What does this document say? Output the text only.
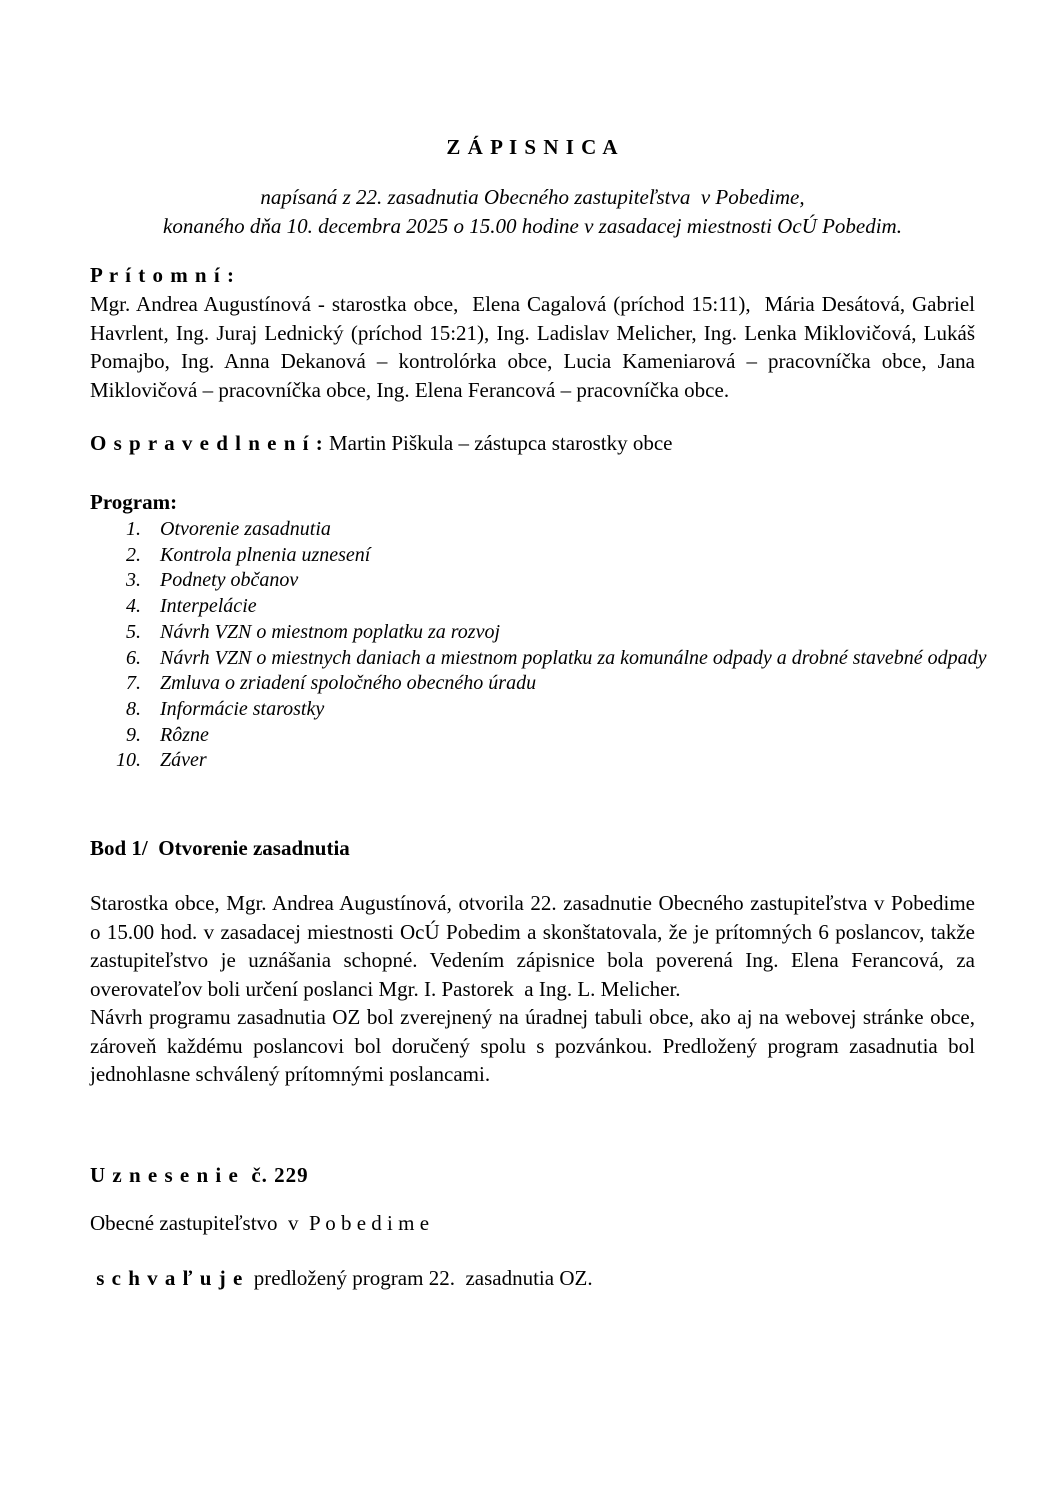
Z Á P I S N I C A
napísaná z 22. zasadnutia Obecného zastupiteľstva  v Pobedime,
konaného dňa 10. decembra 2025 o 15.00 hodine v zasadacej miestnosti OcÚ Pobedim.
P r í t o m n í :

Mgr. Andrea Augustínová - starostka obce,  Elena Cagalová (príchod 15:11),  Mária Desátová, Gabriel Havrlent, Ing. Juraj Lednický (príchod 15:21), Ing. Ladislav Melicher, Ing. Lenka Miklovičová, Lukáš Pomajbo, Ing. Anna Dekanová – kontrolórka obce, Lucia Kameniarová – pracovníčka obce, Jana Miklovičová – pracovníčka obce, Ing. Elena Ferancová – pracovníčka obce.

O s p r a v e d l n e n í : Martin Piškula – zástupca starostky obce
Program:
1. Otvorenie zasadnutia
2. Kontrola plnenia uznesení
3. Podnety občanov
4. Interpelácie
5. Návrh VZN o miestnom poplatku za rozvoj
6. Návrh VZN o miestnych daniach a miestnom poplatku za komunálne odpady a drobné stavebné odpady
7. Zmluva o zriadení spoločného obecného úradu
8. Informácie starostky
9. Rôzne
10. Záver
Bod 1/  Otvorenie zasadnutia

Starostka obce, Mgr. Andrea Augustínová, otvorila 22. zasadnutie Obecného zastupiteľstva v Pobedime o 15.00 hod. v zasadacej miestnosti OcÚ Pobedim a skonštatovala, že je prítomných 6 poslancov, takže zastupiteľstvo je uznášania schopné. Vedením zápisnice bola poverená Ing. Elena Ferancová, za overovateľov boli určení poslanci Mgr. I. Pastorek  a Ing. L. Melicher.

Návrh programu zasadnutia OZ bol zverejnený na úradnej tabuli obce, ako aj na webovej stránke obce, zároveň každému poslancovi bol doručený spolu s pozvánkou. Predložený program zasadnutia bol jednohlasne schválený prítomnými poslancami.

U z n e s e n i e  č. 229
Obecné zastupiteľstvo  v  P o b e d i m e
s c h v a ľ u j e  predložený program 22.  zasadnutia OZ.
